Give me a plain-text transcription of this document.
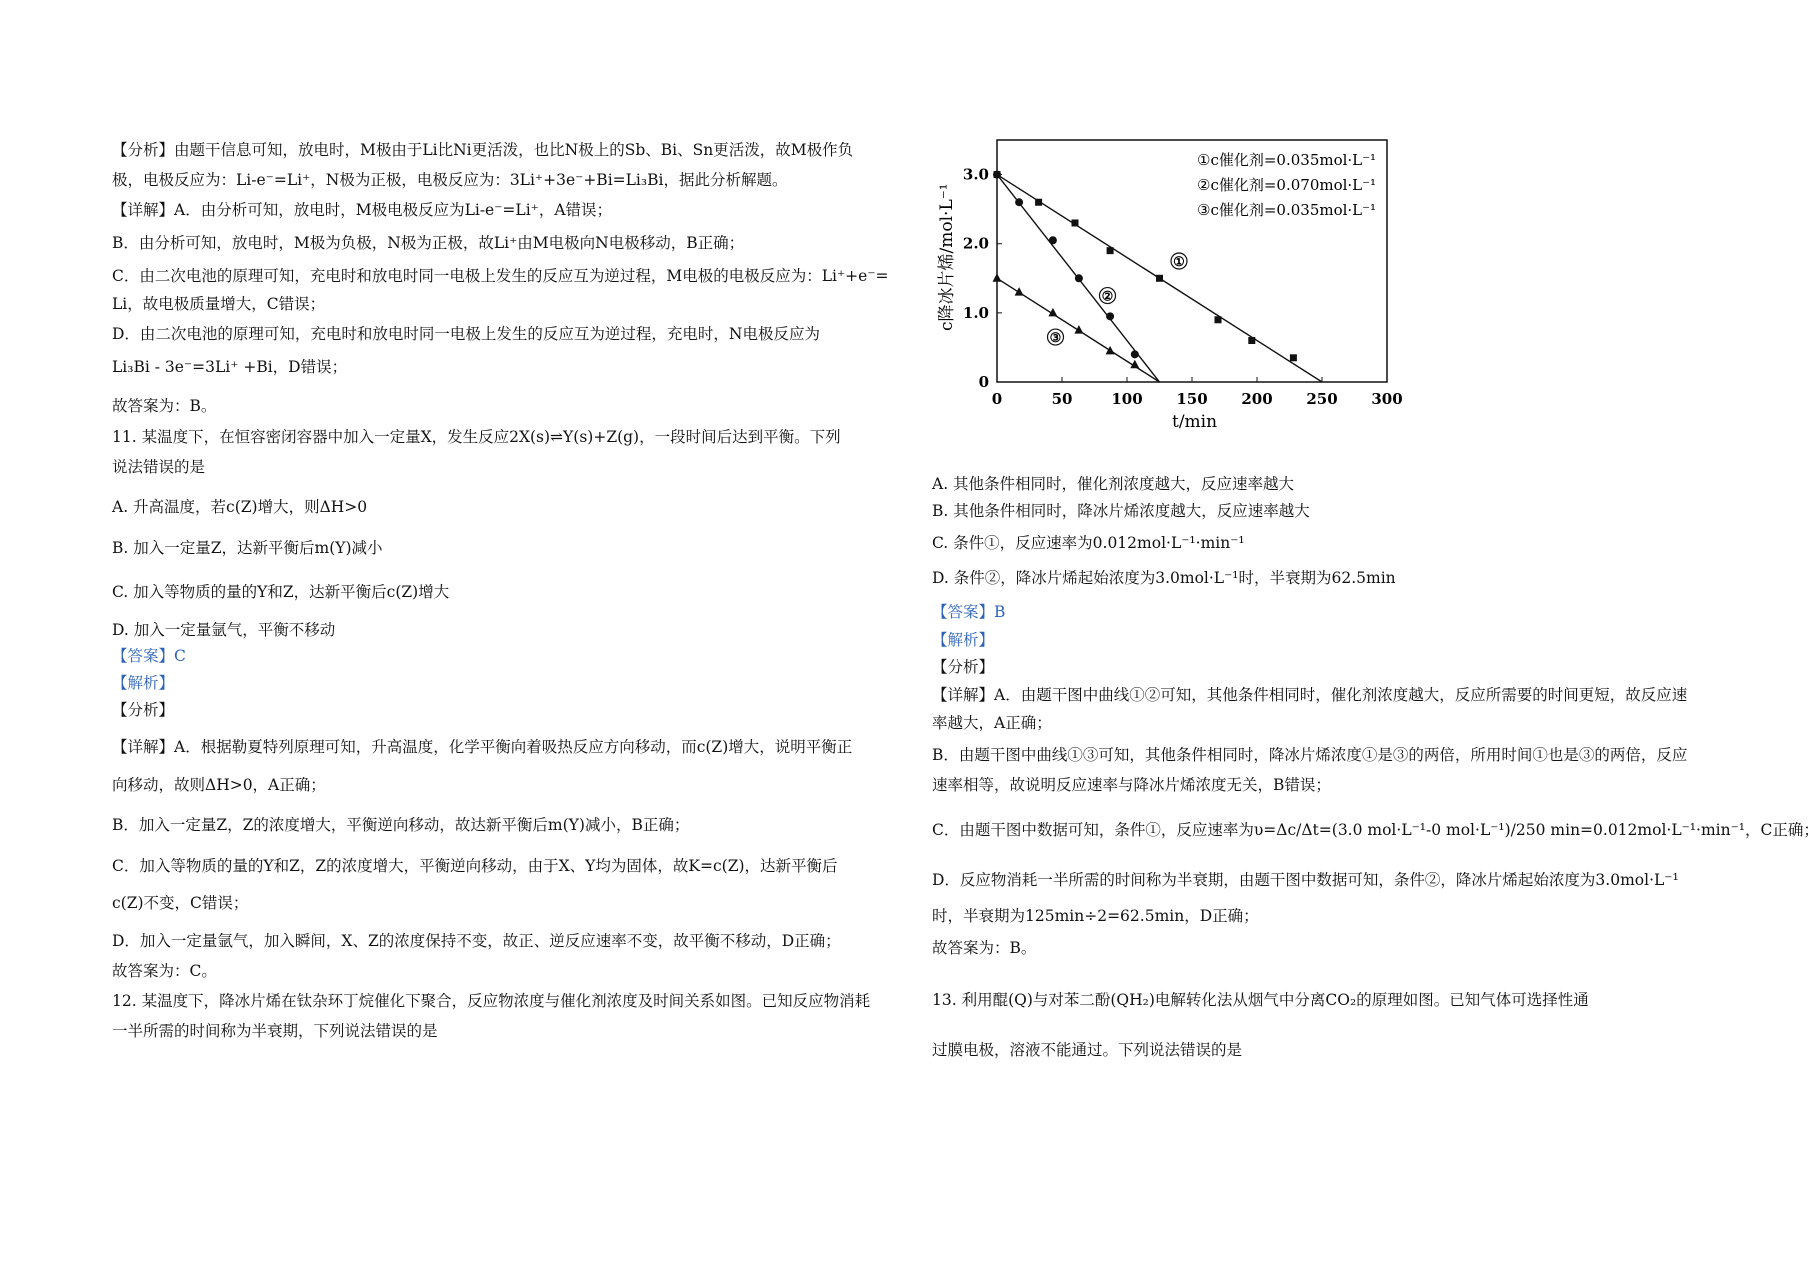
【分析】由题干信息可知，放电时，M极由于Li比Ni更活泼，也比N极上的Sb、Bi、Sn更活泼，故M极作负
极，电极反应为：Li-e⁻=Li⁺，N极为正极，电极反应为：3Li⁺+3e⁻+Bi=Li₃Bi，据此分析解题。
【详解】A．由分析可知，放电时，M极电极反应为Li-e⁻=Li⁺，A错误；
B．由分析可知，放电时，M极为负极，N极为正极，故Li⁺由M电极向N电极移动，B正确；
C．由二次电池的原理可知，充电时和放电时同一电极上发生的反应互为逆过程，M电极的电极反应为：Li⁺+e⁻=
Li，故电极质量增大，C错误；
D．由二次电池的原理可知，充电时和放电时同一电极上发生的反应互为逆过程，充电时，N电极反应为
Li₃Bi - 3e⁻=3Li⁺ +Bi，D错误；
故答案为：B。
11. 某温度下，在恒容密闭容器中加入一定量X，发生反应2X(s)⇌Y(s)+Z(g)，一段时间后达到平衡。下列
说法错误的是
A. 升高温度，若c(Z)增大，则ΔH>0
B. 加入一定量Z，达新平衡后m(Y)减小
C. 加入等物质的量的Y和Z，达新平衡后c(Z)增大
D. 加入一定量氩气，平衡不移动
【答案】C
【解析】
【分析】
【详解】A．根据勒夏特列原理可知，升高温度，化学平衡向着吸热反应方向移动，而c(Z)增大，说明平衡正
向移动，故则ΔH>0，A正确；
B．加入一定量Z，Z的浓度增大，平衡逆向移动，故达新平衡后m(Y)减小，B正确；
C．加入等物质的量的Y和Z，Z的浓度增大，平衡逆向移动，由于X、Y均为固体，故K=c(Z)，达新平衡后
c(Z)不变，C错误；
D．加入一定量氩气，加入瞬间，X、Z的浓度保持不变，故正、逆反应速率不变，故平衡不移动，D正确；
故答案为：C。
12. 某温度下，降冰片烯在钛杂环丁烷催化下聚合，反应物浓度与催化剂浓度及时间关系如图。已知反应物消耗
一半所需的时间称为半衰期，下列说法错误的是
0	50	100 150 200 250 300
0
1.0
2.0
3.0
t/min
c降冰片烯/mol·L⁻¹
①c催化剂=0.035mol·L⁻¹
②c催化剂=0.070mol·L⁻¹
③c催化剂=0.035mol·L⁻¹
①
②
③
A. 其他条件相同时，催化剂浓度越大，反应速率越大
B. 其他条件相同时，降冰片烯浓度越大，反应速率越大
C. 条件①，反应速率为0.012mol·L⁻¹·min⁻¹
D. 条件②，降冰片烯起始浓度为3.0mol·L⁻¹时，半衰期为62.5min
【答案】B
【解析】
【分析】
【详解】A．由题干图中曲线①②可知，其他条件相同时，催化剂浓度越大，反应所需要的时间更短，故反应速
率越大，A正确；
B．由题干图中曲线①③可知，其他条件相同时，降冰片烯浓度①是③的两倍，所用时间①也是③的两倍，反应
速率相等，故说明反应速率与降冰片烯浓度无关，B错误；
C．由题干图中数据可知，条件①，反应速率为υ=Δc/Δt=(3.0 mol·L⁻¹-0 mol·L⁻¹)/250 min=0.012mol·L⁻¹·min⁻¹，C正确；
D．反应物消耗一半所需的时间称为半衰期，由题干图中数据可知，条件②，降冰片烯起始浓度为3.0mol·L⁻¹
时，半衰期为125min÷2=62.5min，D正确；
故答案为：B。
13. 利用醌(Q)与对苯二酚(QH₂)电解转化法从烟气中分离CO₂的原理如图。已知气体可选择性通
过膜电极，溶液不能通过。下列说法错误的是
